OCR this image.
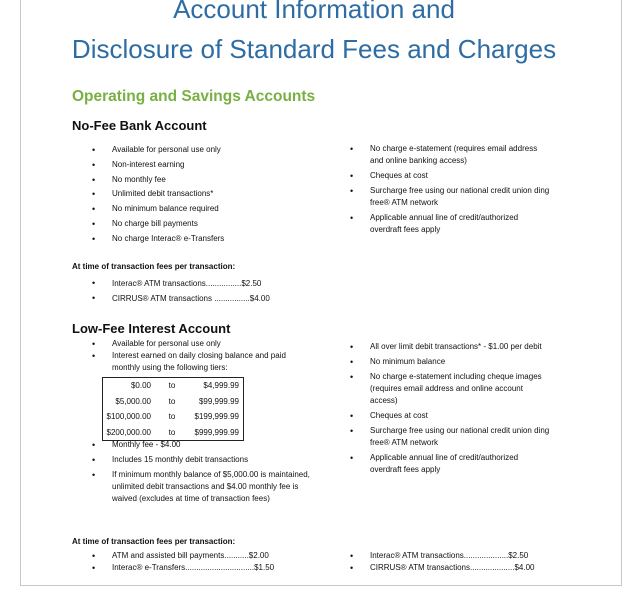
Account Information and
Disclosure of Standard Fees and Charges
Operating and Savings Accounts
No-Fee Bank Account
• Available for personal use only
• Non-interest earning
• No monthly fee
• Unlimited debit transactions*
• No minimum balance required
• No charge bill payments
• No charge Interac® e-Transfers
• No charge e-statement (requires email address and online banking access)
• Cheques at cost
• Surcharge free using our national credit union ding free® ATM network
• Applicable annual line of credit/authorized overdraft fees apply
At time of transaction fees per transaction:
• Interac® ATM transactions................$2.50
• CIRRUS® ATM transactions ................$4.00
Low-Fee Interest Account
• Available for personal use only
• Interest earned on daily closing balance and paid monthly using the following tiers:
$0.00	to	$4,999.99
$5,000.00	to	$99,999.99
$100,000.00	to	$199,999.99
$200,000.00	to	$999,999.99
• Monthly fee - $4.00
• Includes 15 monthly debit transactions
• If minimum monthly balance of $5,000.00 is maintained, unlimited debit transactions and $4.00 monthly fee is waived (excludes at time of transaction fees)
• All over limit debit transactions* - $1.00 per debit
• No minimum balance
• No charge e-statement including cheque images (requires email address and online account access)
• Cheques at cost
• Surcharge free using our national credit union ding free® ATM network
• Applicable annual line of credit/authorized overdraft fees apply
At time of transaction fees per transaction:
• ATM and assisted bill payments...........$2.00
• Interac® e-Transfers...............................$1.50
• Interac® ATM transactions....................$2.50
• CIRRUS® ATM transactions....................$4.00
